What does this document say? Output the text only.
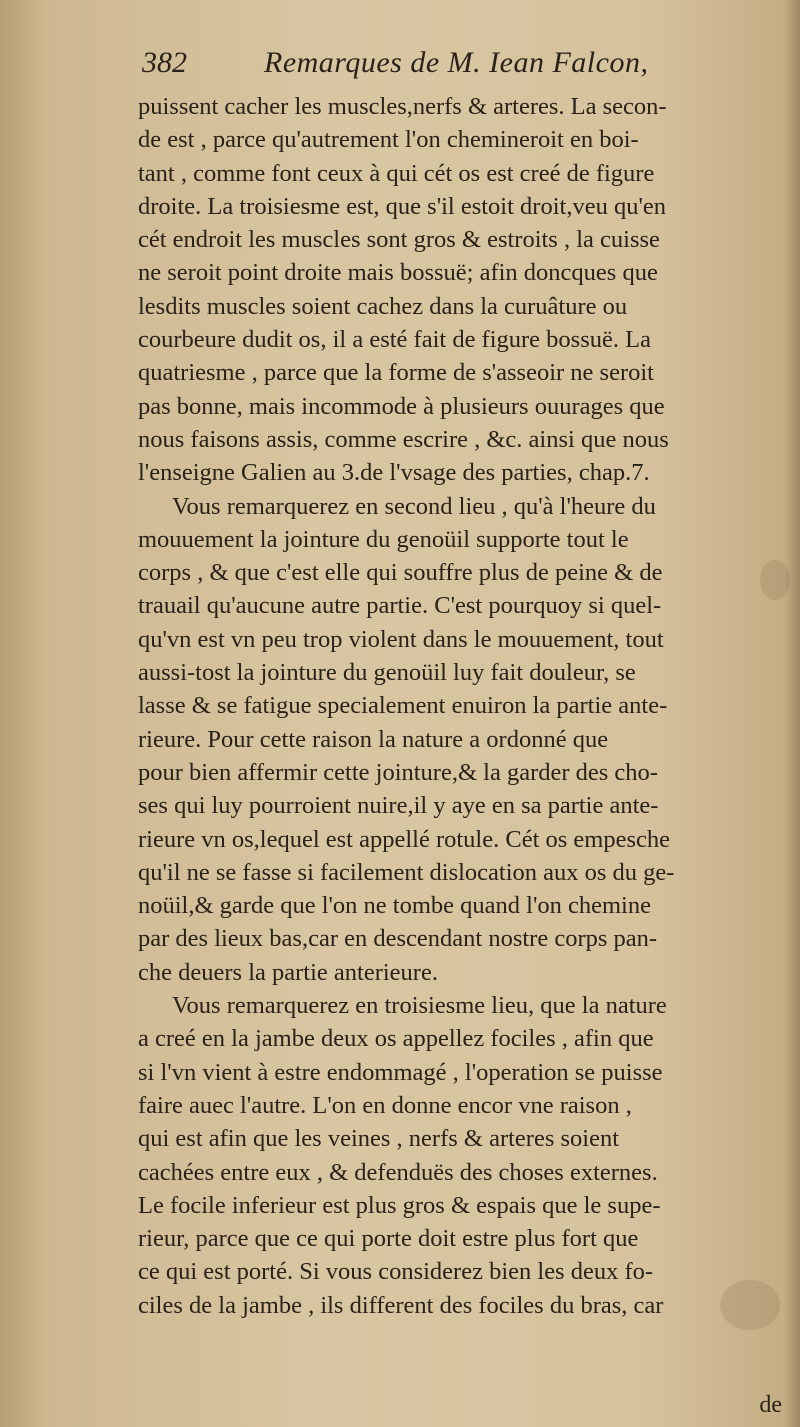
382	Remarques de M. Iean Falcon,
puissent cacher les muscles,nerfs & arteres. La secon-
de est , parce qu'autrement l'on chemineroit en boi-
tant , comme font ceux à qui cét os est creé de figure
droite. La troisiesme est, que s'il estoit droit,veu qu'en
cét endroit les muscles sont gros & estroits , la cuisse
ne seroit point droite mais bossuë; afin doncques que
lesdits muscles soient cachez dans la curuâture ou
courbeure dudit os, il a esté fait de figure bossuë. La
quatriesme , parce que la forme de s'asseoir ne seroit
pas bonne, mais incommode à plusieurs ouurages que
nous faisons assis, comme escrire , &c. ainsi que nous
l'enseigne Galien au 3.de l'vsage des parties, chap.7.
Vous remarquerez en second lieu , qu'à l'heure du
mouuement la jointure du genoüil supporte tout le
corps , & que c'est elle qui souffre plus de peine & de
trauail qu'aucune autre partie. C'est pourquoy si quel-
qu'vn est vn peu trop violent dans le mouuement, tout
aussi-tost la jointure du genoüil luy fait douleur, se
lasse & se fatigue specialement enuiron la partie ante-
rieure. Pour cette raison la nature a ordonné que
pour bien affermir cette jointure,& la garder des cho-
ses qui luy pourroient nuire,il y aye en sa partie ante-
rieure vn os,lequel est appellé rotule. Cét os empesche
qu'il ne se fasse si facilement dislocation aux os du ge-
noüil,& garde que l'on ne tombe quand l'on chemine
par des lieux bas,car en descendant nostre corps pan-
che deuers la partie anterieure.
Vous remarquerez en troisiesme lieu, que la nature
a creé en la jambe deux os appellez fociles , afin que
si l'vn vient à estre endommagé , l'operation se puisse
faire auec l'autre. L'on en donne encor vne raison ,
qui est afin que les veines , nerfs & arteres soient
cachées entre eux , & defenduës des choses externes.
Le focile inferieur est plus gros & espais que le supe-
rieur, parce que ce qui porte doit estre plus fort que
ce qui est porté. Si vous considerez bien les deux fo-
ciles de la jambe , ils different des fociles du bras, car
de
